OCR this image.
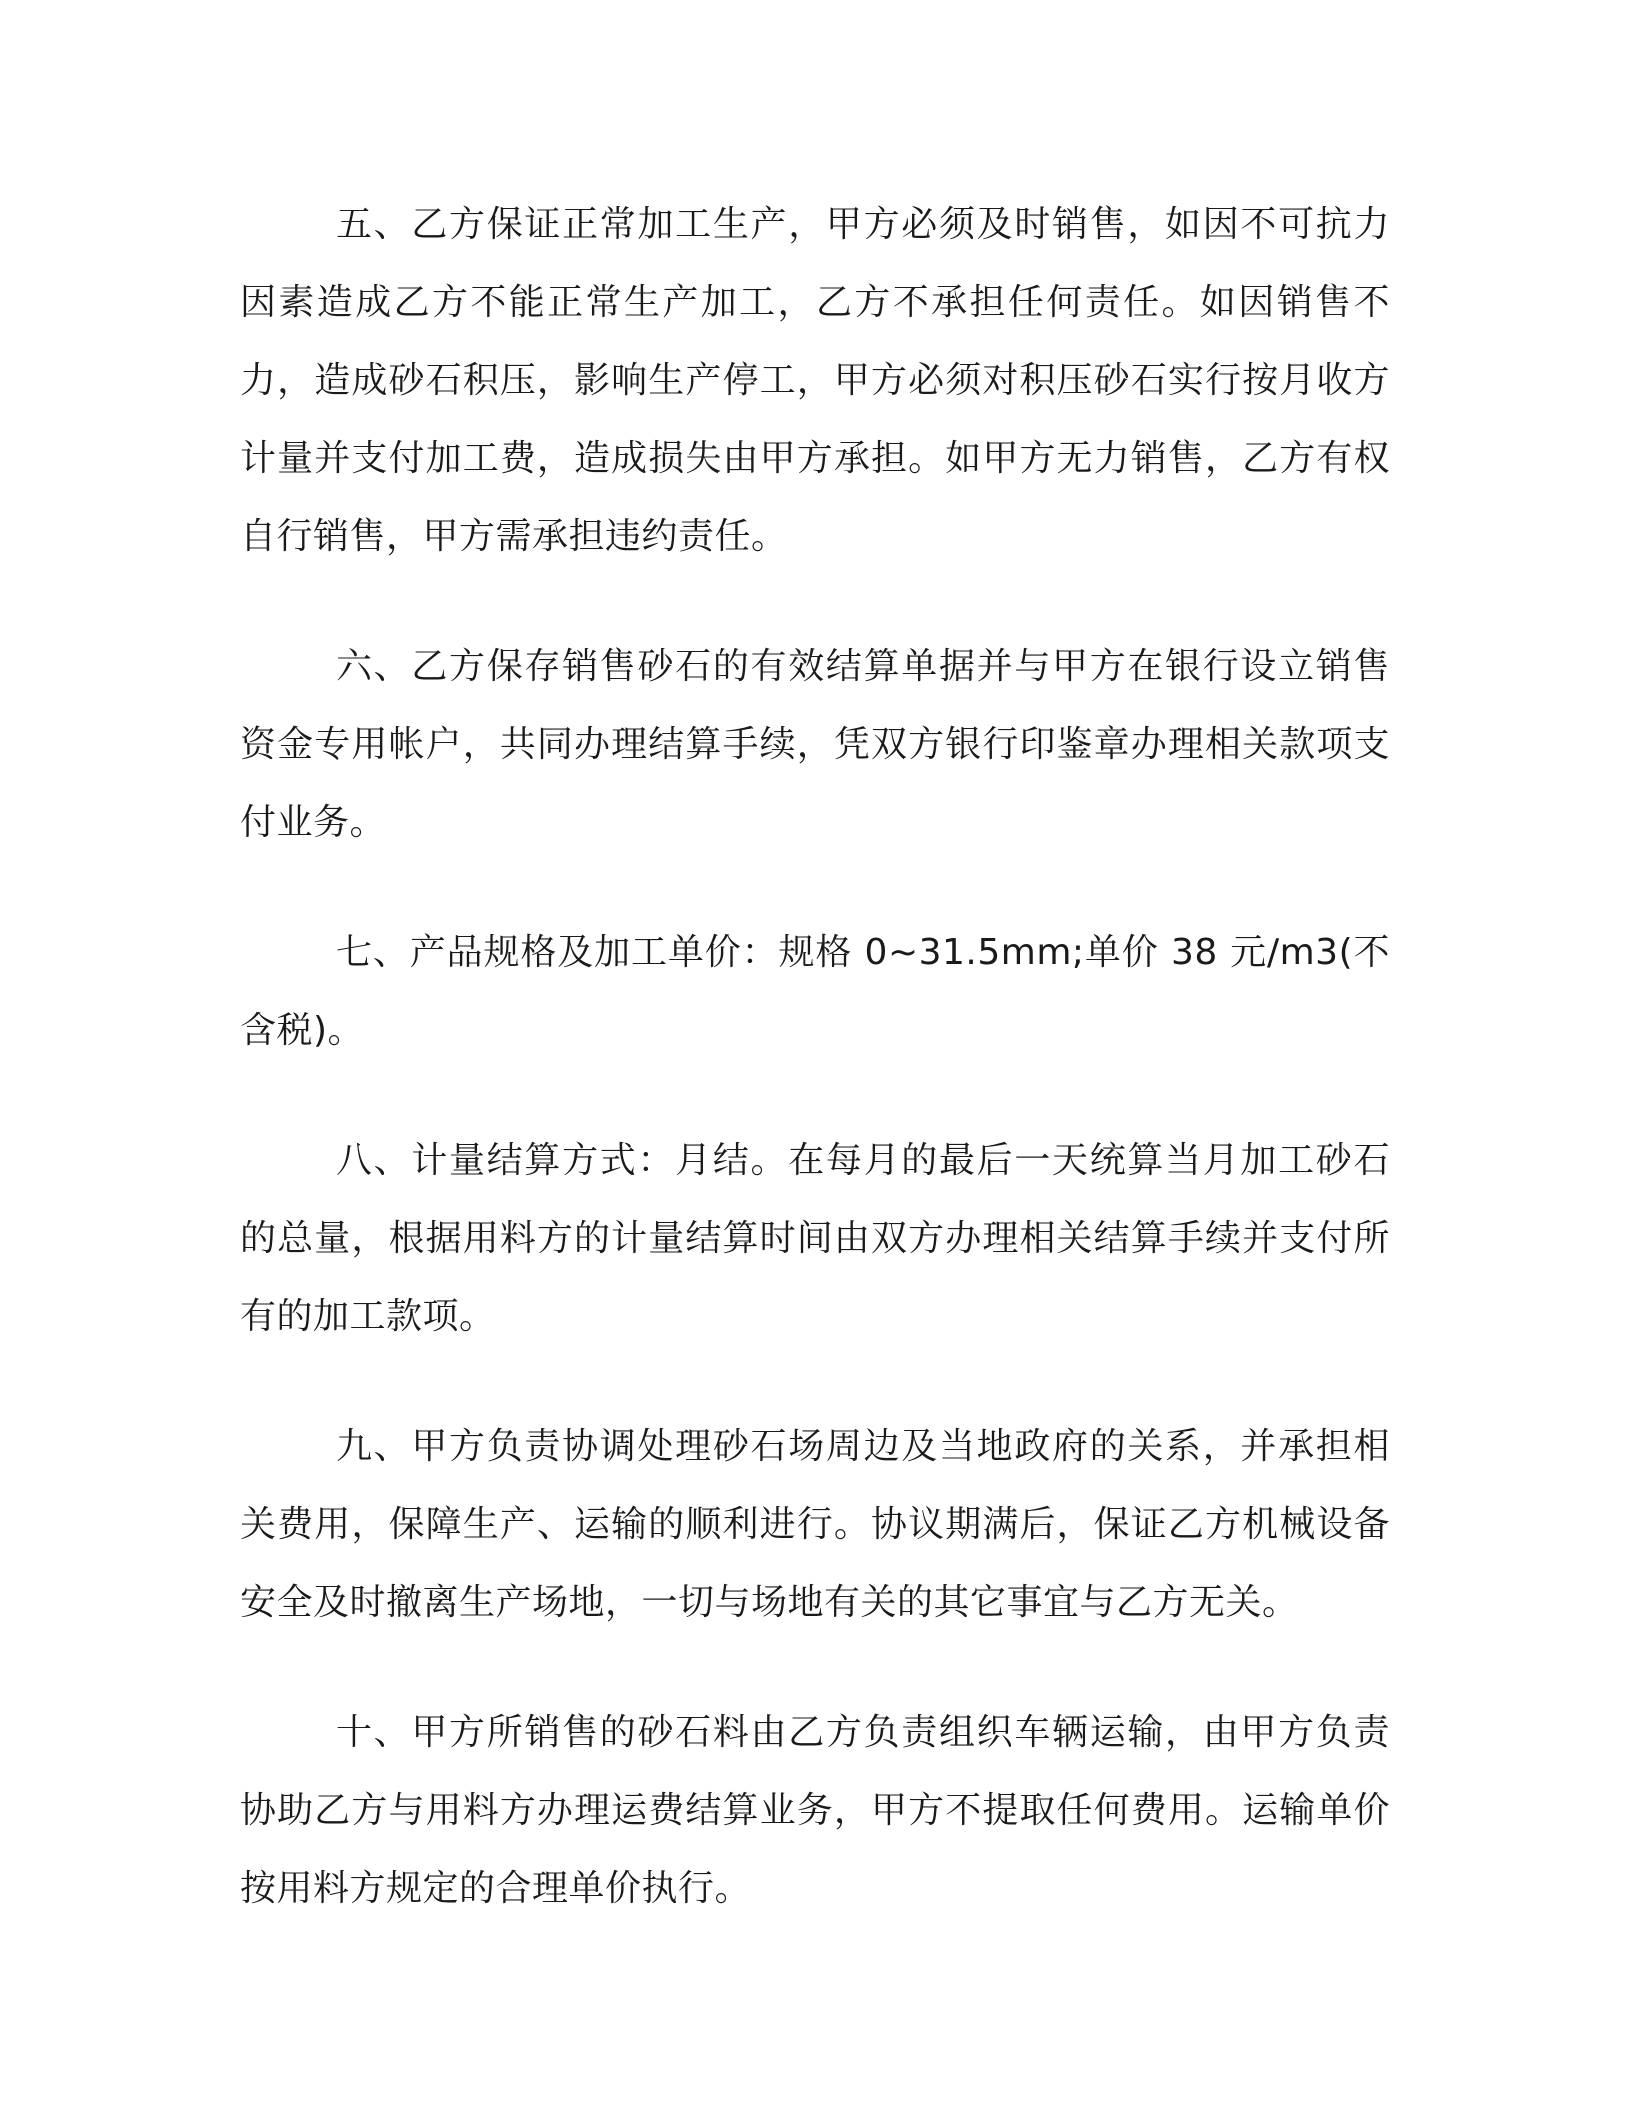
五、乙方保证正常加工生产，甲方必须及时销售，如因不可抗力因素造成乙方不能正常生产加工，乙方不承担任何责任。如因销售不力，造成砂石积压，影响生产停工，甲方必须对积压砂石实行按月收方计量并支付加工费，造成损失由甲方承担。如甲方无力销售，乙方有权自行销售，甲方需承担违约责任。

六、乙方保存销售砂石的有效结算单据并与甲方在银行设立销售资金专用帐户，共同办理结算手续，凭双方银行印鉴章办理相关款项支付业务。

七、产品规格及加工单价：规格 0~31.5mm;单价 38 元/m3(不含税)。

八、计量结算方式：月结。在每月的最后一天统算当月加工砂石的总量，根据用料方的计量结算时间由双方办理相关结算手续并支付所有的加工款项。

九、甲方负责协调处理砂石场周边及当地政府的关系，并承担相关费用，保障生产、运输的顺利进行。协议期满后，保证乙方机械设备安全及时撤离生产场地，一切与场地有关的其它事宜与乙方无关。

十、甲方所销售的砂石料由乙方负责组织车辆运输，由甲方负责协助乙方与用料方办理运费结算业务，甲方不提取任何费用。运输单价按用料方规定的合理单价执行。
